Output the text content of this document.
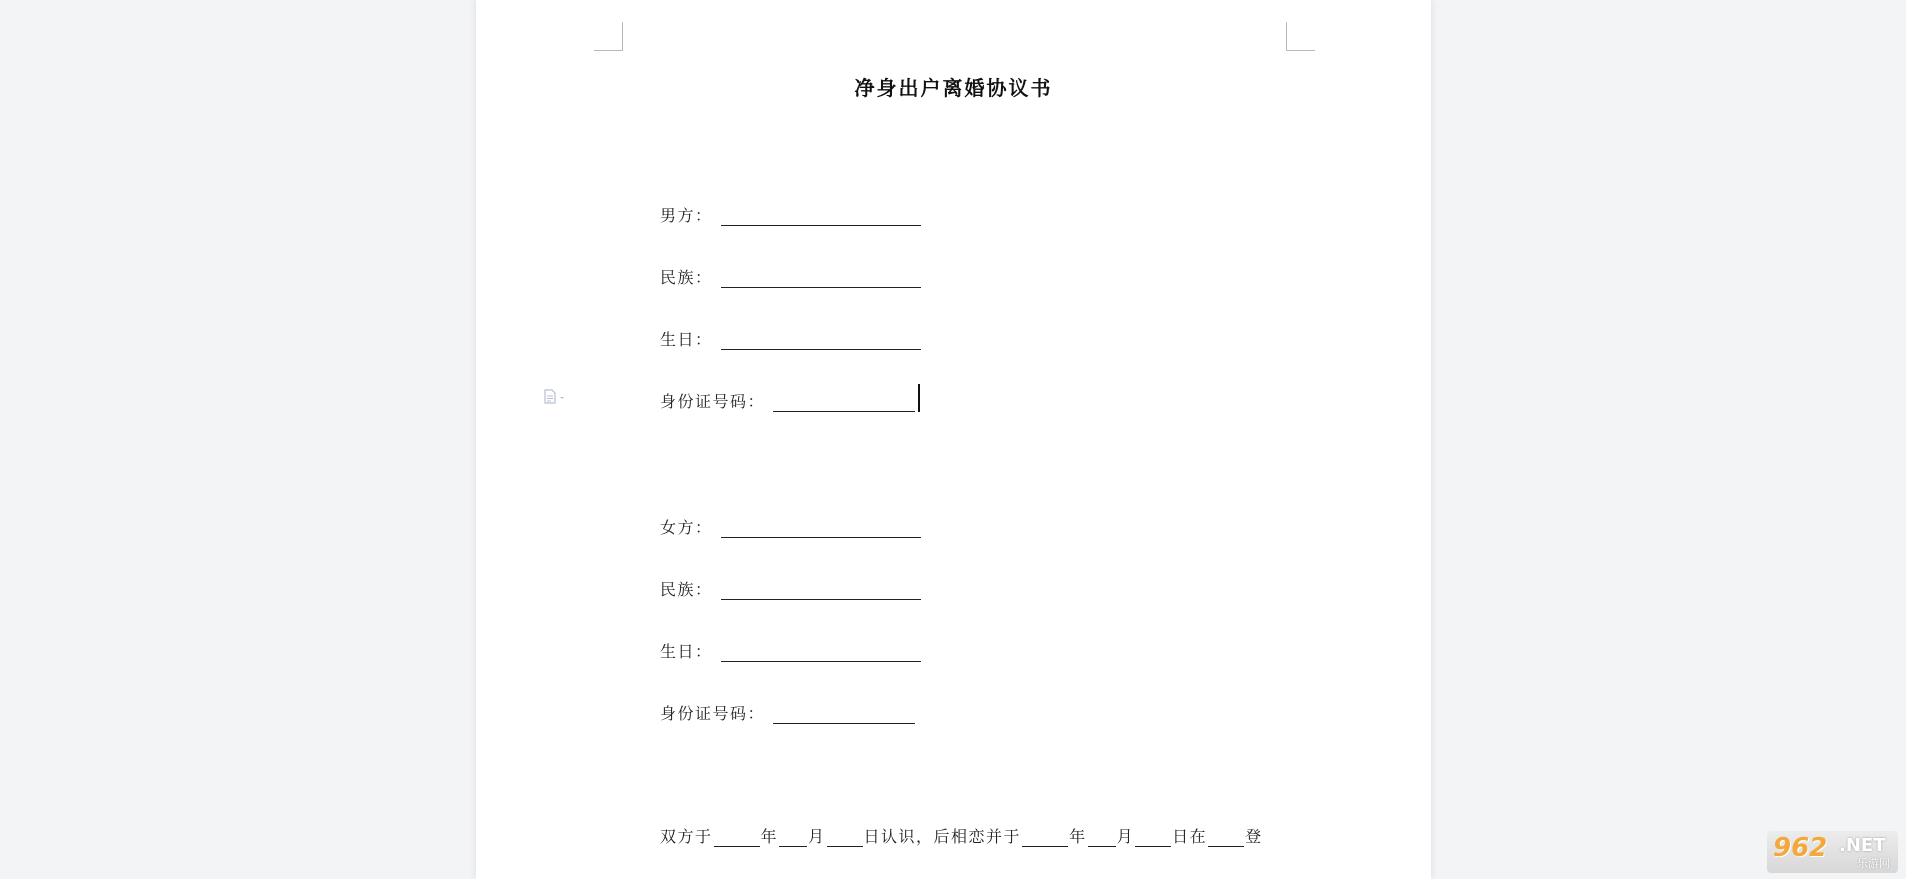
净身出户离婚协议书
男方：
民族：
生日：
身份证号码：
女方：
民族：
生日：
身份证号码：
双方于	年 月 日认识，后相恋并于	年 月 日在 登	962 .NET
乐游网
